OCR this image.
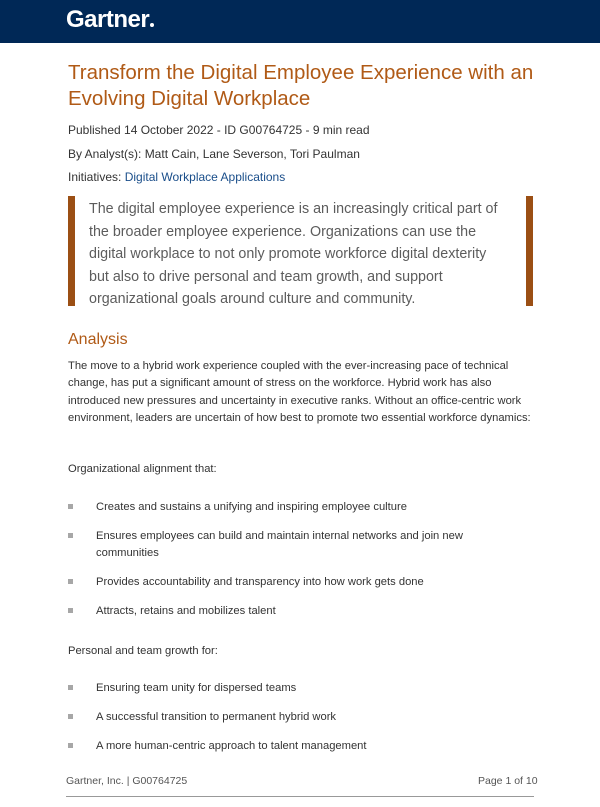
Gartner
Transform the Digital Employee Experience with an Evolving Digital Workplace
Published 14 October 2022 - ID G00764725 - 9 min read
By Analyst(s): Matt Cain, Lane Severson, Tori Paulman
Initiatives: Digital Workplace Applications
The digital employee experience is an increasingly critical part of the broader employee experience. Organizations can use the digital workplace to not only promote workforce digital dexterity but also to drive personal and team growth, and support organizational goals around culture and community.
Analysis
The move to a hybrid work experience coupled with the ever-increasing pace of technical change, has put a significant amount of stress on the workforce. Hybrid work has also introduced new pressures and uncertainty in executive ranks. Without an office-centric work environment, leaders are uncertain of how best to promote two essential workforce dynamics:
Organizational alignment that:
Creates and sustains a unifying and inspiring employee culture
Ensures employees can build and maintain internal networks and join new communities
Provides accountability and transparency into how work gets done
Attracts, retains and mobilizes talent
Personal and team growth for:
Ensuring team unity for dispersed teams
A successful transition to permanent hybrid work
A more human-centric approach to talent management
Gartner, Inc. | G00764725	Page 1 of 10
